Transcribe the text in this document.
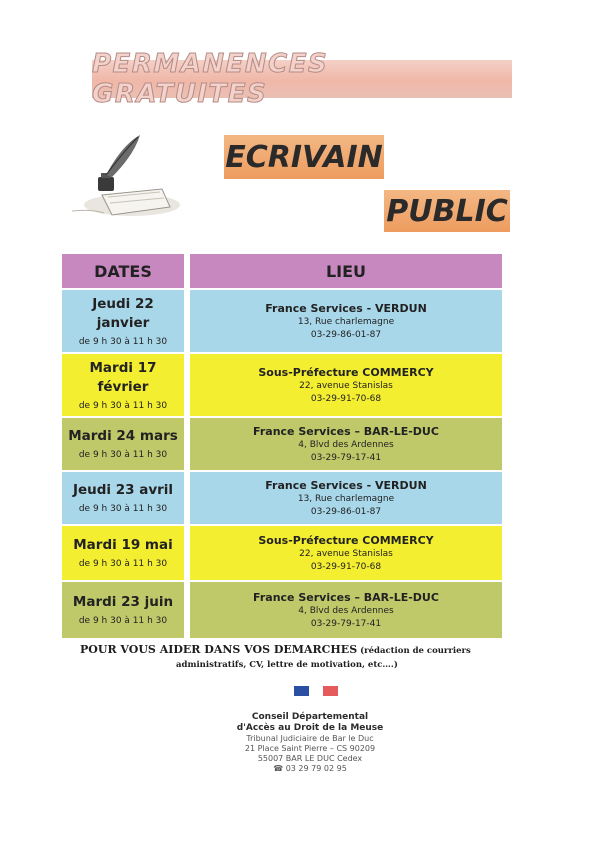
PERMANENCES GRATUITES
ECRIVAIN
PUBLIC
DATES	LIEU
Jeudi 22
janvier
de 9 h 30 à 11 h 30
France Services - VERDUN
13, Rue charlemagne
03-29-86-01-87
Mardi 17
février
de 9 h 30 à 11 h 30
Sous-Préfecture COMMERCY
22, avenue Stanislas
03-29-91-70-68
Mardi 24 mars
de 9 h 30 à 11 h 30
France Services – BAR-LE-DUC
4, Blvd des Ardennes
03-29-79-17-41
Jeudi 23 avril
de 9 h 30 à 11 h 30
France Services - VERDUN
13, Rue charlemagne
03-29-86-01-87
Mardi 19 mai
de 9 h 30 à 11 h 30
Sous-Préfecture COMMERCY
22, avenue Stanislas
03-29-91-70-68
Mardi 23 juin
de 9 h 30 à 11 h 30
France Services – BAR-LE-DUC
4, Blvd des Ardennes
03-29-79-17-41
POUR VOUS AIDER DANS VOS DEMARCHES (rédaction de courriers
administratifs, CV, lettre de motivation, etc….)
Conseil Départemental
d'Accès au Droit de la Meuse
Tribunal Judiciaire de Bar le Duc
21 Place Saint Pierre – CS 90209
55007 BAR LE DUC Cedex
☎ 03 29 79 02 95
